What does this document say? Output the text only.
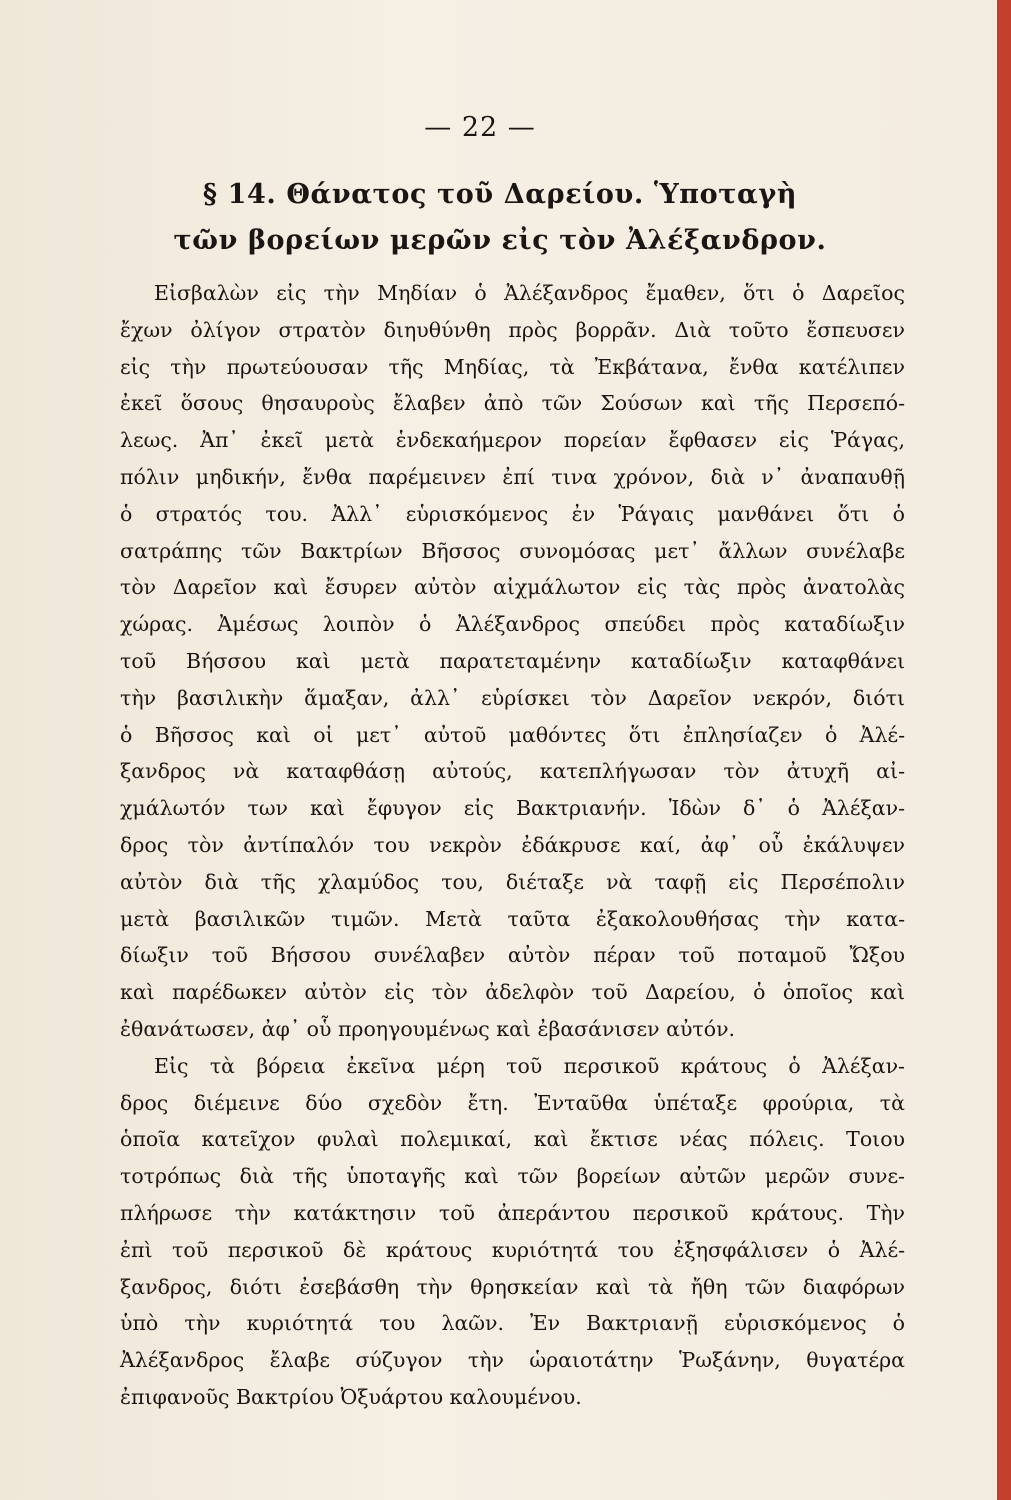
— 22 —
§ 14. Θάνατος τοῦ Δαρείου. Ὑποταγὴ
τῶν βορείων μερῶν εἰς τὸν Ἀλέξανδρον.
Εἰσβαλὼν εἰς τὴν Μηδίαν ὁ Ἀλέξανδρος ἔμαθεν, ὅτι ὁ Δαρεῖος
ἔχων ὀλίγον στρατὸν διηυθύνθη πρὸς βορρᾶν. Διὰ τοῦτο ἔσπευσεν
εἰς τὴν πρωτεύουσαν τῆς Μηδίας, τὰ Ἐκβάτανα, ἔνθα κατέλιπεν
ἐκεῖ ὅσους θησαυροὺς ἔλαβεν ἀπὸ τῶν Σούσων καὶ τῆς Περσεπό-
λεως. Ἀπ᾽ ἐκεῖ μετὰ ἑνδεκαήμερον πορείαν ἔφθασεν εἰς Ῥάγας,
πόλιν μηδικήν, ἔνθα παρέμεινεν ἐπί τινα χρόνον, διὰ ν᾽ ἀναπαυθῇ
ὁ στρατός του. Ἀλλ᾽ εὑρισκόμενος ἐν Ῥάγαις μανθάνει ὅτι ὁ
σατράπης τῶν Βακτρίων Βῆσσος συνομόσας μετ᾽ ἄλλων συνέλαβε
τὸν Δαρεῖον καὶ ἔσυρεν αὐτὸν αἰχμάλωτον εἰς τὰς πρὸς ἀνατολὰς
χώρας. Ἀμέσως λοιπὸν ὁ Ἀλέξανδρος σπεύδει πρὸς καταδίωξιν
τοῦ Βήσσου καὶ μετὰ παρατεταμένην καταδίωξιν καταφθάνει
τὴν βασιλικὴν ἅμαξαν, ἀλλ᾽ εὑρίσκει τὸν Δαρεῖον νεκρόν, διότι
ὁ Βῆσσος καὶ οἱ μετ᾽ αὐτοῦ μαθόντες ὅτι ἐπλησίαζεν ὁ Ἀλέ-
ξανδρος νὰ καταφθάσῃ αὐτούς, κατεπλήγωσαν τὸν ἀτυχῆ αἰ-
χμάλωτόν των καὶ ἔφυγον εἰς Βακτριανήν. Ἰδὼν δ᾽ ὁ Ἀλέξαν-
δρος τὸν ἀντίπαλόν του νεκρὸν ἐδάκρυσε καί, ἀφ᾽ οὗ ἐκάλυψεν
αὐτὸν διὰ τῆς χλαμύδος του, διέταξε νὰ ταφῇ εἰς Περσέπολιν
μετὰ βασιλικῶν τιμῶν. Μετὰ ταῦτα ἐξακολουθήσας τὴν κατα-
δίωξιν τοῦ Βήσσου συνέλαβεν αὐτὸν πέραν τοῦ ποταμοῦ Ὤξου
καὶ παρέδωκεν αὐτὸν εἰς τὸν ἀδελφὸν τοῦ Δαρείου, ὁ ὁποῖος καὶ
ἐθανάτωσεν, ἀφ᾽ οὗ προηγουμένως καὶ ἐβασάνισεν αὐτόν.
Εἰς τὰ βόρεια ἐκεῖνα μέρη τοῦ περσικοῦ κράτους ὁ Ἀλέξαν-
δρος διέμεινε δύο σχεδὸν ἔτη. Ἐνταῦθα ὑπέταξε φρούρια, τὰ
ὁποῖα κατεῖχον φυλαὶ πολεμικαί, καὶ ἔκτισε νέας πόλεις. Τοιου
τοτρόπως διὰ τῆς ὑποταγῆς καὶ τῶν βορείων αὐτῶν μερῶν συνε-
πλήρωσε τὴν κατάκτησιν τοῦ ἀπεράντου περσικοῦ κράτους. Τὴν
ἐπὶ τοῦ περσικοῦ δὲ κράτους κυριότητά του ἐξησφάλισεν ὁ Ἀλέ-
ξανδρος, διότι ἐσεβάσθη τὴν θρησκείαν καὶ τὰ ἤθη τῶν διαφόρων
ὑπὸ τὴν κυριότητά του λαῶν. Ἐν Βακτριανῇ εὑρισκόμενος ὁ
Ἀλέξανδρος ἔλαβε σύζυγον τὴν ὡραιοτάτην Ῥωξάνην, θυγατέρα
ἐπιφανοῦς Βακτρίου Ὀξυάρτου καλουμένου.
